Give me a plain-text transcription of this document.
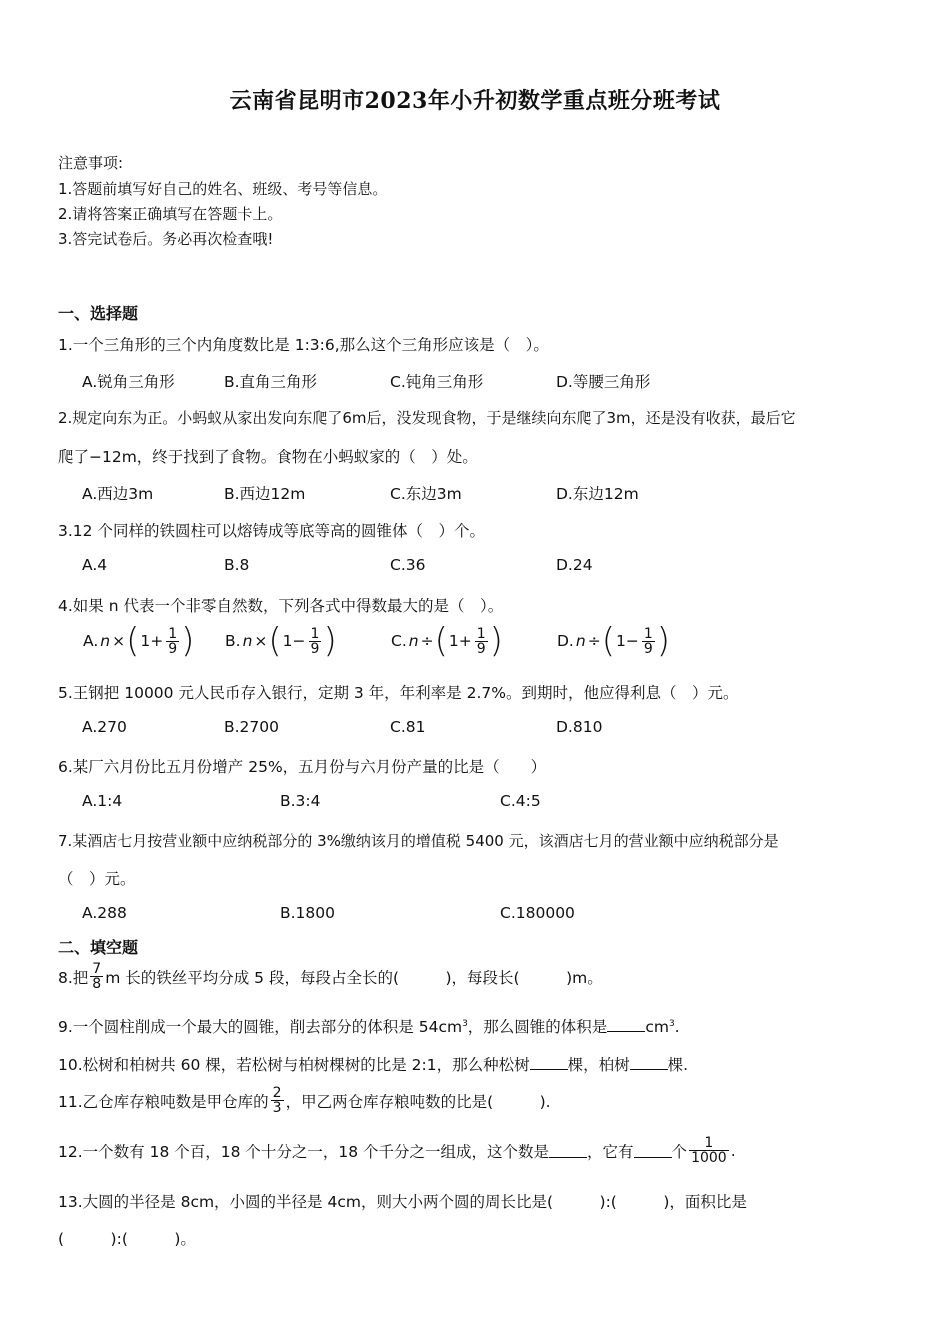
云南省昆明市2023年小升初数学重点班分班考试
注意事项:
1.答题前填写好自己的姓名、班级、考号等信息。
2.请将答案正确填写在答题卡上。
3.答完试卷后。务必再次检查哦!
一、选择题
1.一个三角形的三个内角度数比是 1:3:6,那么这个三角形应该是（　）。
A.锐角三角形	B.直角三角形	C.钝角三角形	D.等腰三角形
2.规定向东为正。小蚂蚁从家出发向东爬了6m后，没发现食物，于是继续向东爬了3m，还是没有收获，最后它
爬了−12m，终于找到了食物。食物在小蚂蚁家的（　）处。
A.西边3m	B.西边12m	C.东边3m	D.东边12m
3.12 个同样的铁圆柱可以熔铸成等底等高的圆锥体（　）个。
A.4	B.8	C.36	D.24
4.如果 n 代表一个非零自然数，下列各式中得数最大的是（　）。
A. n × ( $1+ \frac{1}{9}$ ) B. n × ( $1- \frac{1}{9}$ )	C. n ÷ ( $1+ \frac{1}{9}$ )	D. n ÷ ( $1- \frac{1}{9}$ )
5.王钢把 10000 元人民币存入银行，定期 3 年，年利率是 2.7%。到期时，他应得利息（　）元。
A.270	B.2700	C.81	D.810
6.某厂六月份比五月份增产 25%，五月份与六月份产量的比是（　　）
A.1:4	B.3:4	C.4:5
7.某酒店七月按营业额中应纳税部分的 3%缴纳该月的增值税 5400 元，该酒店七月的营业额中应纳税部分是
（　）元。
A.288	B.1800	C.180000
二、填空题
8.把 $\frac{7}{8}$ m 长的铁丝平均分成 5 段，每段占全长的(　　　)，每段长(　　　)m。
9.一个圆柱削成一个最大的圆锥，削去部分的体积是 $54cm^3$，那么圆锥的体积是 $cm^3$.
10.松树和柏树共 60 棵，若松树与柏树棵树的比是 2:1，那么种松树 棵，柏树 棵.
11.乙仓库存粮吨数是甲仓库的 $\frac{2}{3}$ ，甲乙两仓库存粮吨数的比是(　　　).
12.一个数有 18 个百，18 个十分之一，18 个千分之一组成，这个数是 ，它有 个 $\frac{1}{1000}$ .
13.大圆的半径是 8cm，小圆的半径是 4cm，则大小两个圆的周长比是(　　　):(　　　)，面积比是
(　　　):(　　　)。
